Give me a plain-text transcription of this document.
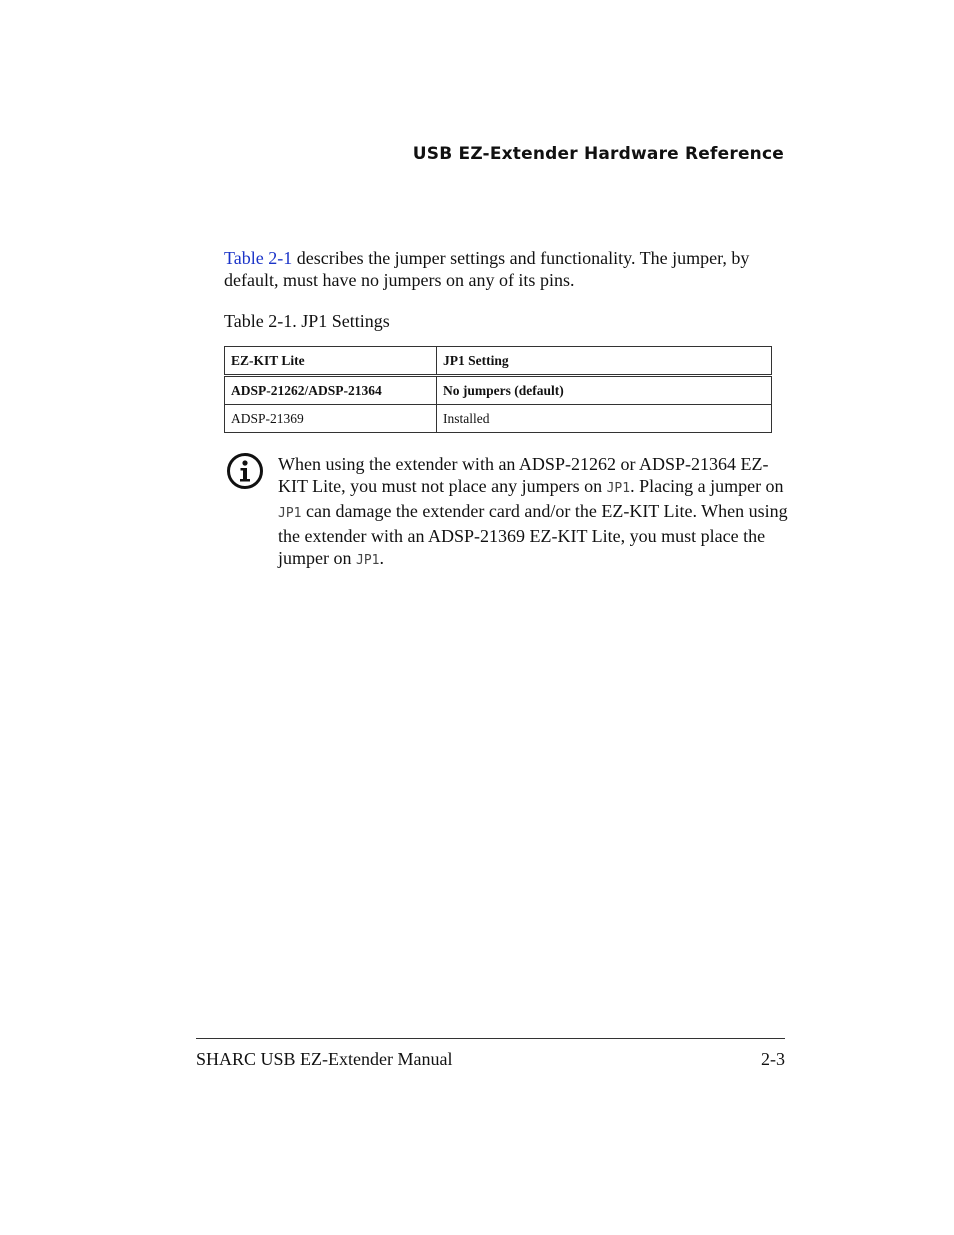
USB EZ-Extender Hardware Reference

Table 2-1 describes the jumper settings and functionality. The jumper, by default, must have no jumpers on any of its pins.

Table 2-1. JP1 Settings
EZ-KIT Lite	JP1 Setting
ADSP-21262/ADSP-21364	No jumpers (default)
ADSP-21369	Installed

When using the extender with an ADSP-21262 or ADSP-21364 EZ-KIT Lite, you must not place any jumpers on JP1. Placing a jumper on JP1 can damage the extender card and/or the EZ-KIT Lite. When using the extender with an ADSP-21369 EZ-KIT Lite, you must place the jumper on JP1.

SHARC USB EZ-Extender Manual	2-3
